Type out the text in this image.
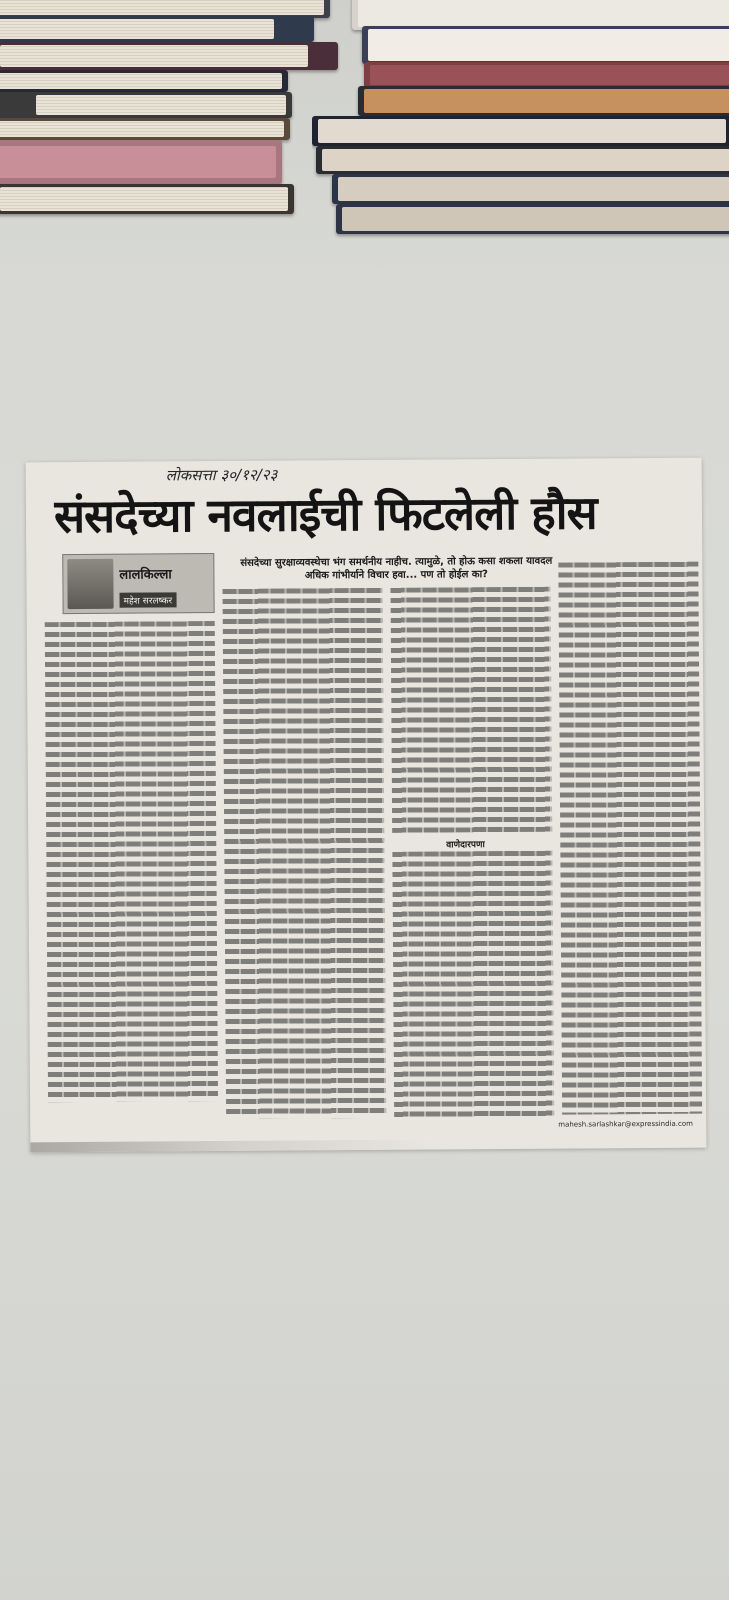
लोकसत्ता ३०/१२/२३
संसदेच्या नवलाईची फिटलेली हौस
लालकिल्ला
महेश सरलष्कर
संसदेच्या सुरक्षाव्यवस्थेचा भंग समर्थनीय नाहीच. त्यामुळे, तो होऊ कसा शकला यावदल अधिक गांभीर्याने विचार हवा... पण तो होईल का?
वाणेदारपणा
mahesh.sarlashkar@expressindia.com
